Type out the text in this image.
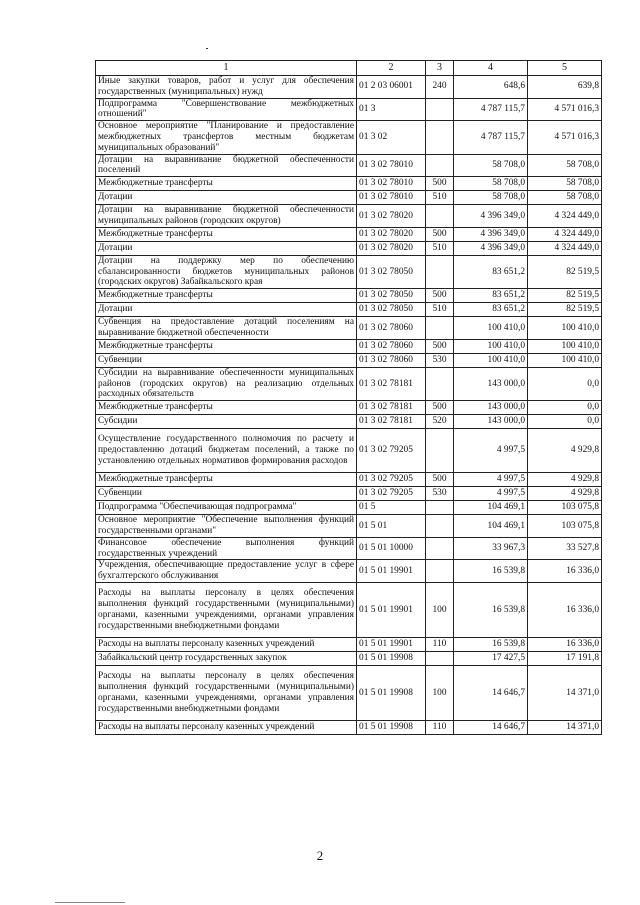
1	2	3	4	5
Иные закупки товаров, работ и услуг для обеспечения государственных (муниципальных) нужд	01 2 03 06001	240	648,6	639,8
Подпрограмма "Совершенствование межбюджетных отношений"	01 3		4 787 115,7	4 571 016,3
Основное мероприятие "Планирование и предоставление межбюджетных трансфертов местным бюджетам муниципальных образований"	01 3 02		4 787 115,7	4 571 016,3
Дотации на выравнивание бюджетной обеспеченности поселений	01 3 02 78010		58 708,0	58 708,0
Межбюджетные трансферты	01 3 02 78010	500	58 708,0	58 708,0
Дотации	01 3 02 78010	510	58 708,0	58 708,0
Дотации на выравнивание бюджетной обеспеченности муниципальных районов (городских округов)	01 3 02 78020		4 396 349,0	4 324 449,0
Межбюджетные трансферты	01 3 02 78020	500	4 396 349,0	4 324 449,0
Дотации	01 3 02 78020	510	4 396 349,0	4 324 449,0
Дотации на поддержку мер по обеспечению сбалансированности бюджетов муниципальных районов (городских округов) Забайкальского края	01 3 02 78050		83 651,2	82 519,5
Межбюджетные трансферты	01 3 02 78050	500	83 651,2	82 519,5
Дотации	01 3 02 78050	510	83 651,2	82 519,5
Субвенция на предоставление дотаций поселениям на выравнивание бюджетной обеспеченности	01 3 02 78060		100 410,0	100 410,0
Межбюджетные трансферты	01 3 02 78060	500	100 410,0	100 410,0
Субвенции	01 3 02 78060	530	100 410,0	100 410,0
Субсидии на выравнивание обеспеченности муниципальных районов (городских округов) на реализацию отдельных расходных обязательств	01 3 02 78181		143 000,0	0,0
Межбюджетные трансферты	01 3 02 78181	500	143 000,0	0,0
Субсидии	01 3 02 78181	520	143 000,0	0,0
Осуществление государственного полномочия по расчету и предоставлению дотаций бюджетам поселений, а также по установлению отдельных нормативов формирования расходов	01 3 02 79205		4 997,5	4 929,8
Межбюджетные трансферты	01 3 02 79205	500	4 997,5	4 929,8
Субвенции	01 3 02 79205	530	4 997,5	4 929,8
Подпрограмма "Обеспечивающая подпрограмма"	01 5		104 469,1	103 075,8
Основное мероприятие "Обеспечение выполнения функций государственными органами"	01 5 01		104 469,1	103 075,8
Финансовое обеспечение выполнения функций государственных учреждений	01 5 01 10000		33 967,3	33 527,8
Учреждения, обеспечивающие предоставление услуг в сфере бухгалтерского обслуживания	01 5 01 19901		16 539,8	16 336,0
Расходы на выплаты персоналу в целях обеспечения выполнения функций государственными (муниципальными) органами, казенными учреждениями, органами управления государственными внебюджетными фондами	01 5 01 19901	100	16 539,8	16 336,0
Расходы на выплаты персоналу казенных учреждений	01 5 01 19901	110	16 539,8	16 336,0
Забайкальский центр государственных закупок	01 5 01 19908		17 427,5	17 191,8
Расходы на выплаты персоналу в целях обеспечения выполнения функций государственными (муниципальными) органами, казенными учреждениями, органами управления государственными внебюджетными фондами	01 5 01 19908	100	14 646,7	14 371,0
Расходы на выплаты персоналу казенных учреждений	01 5 01 19908	110	14 646,7	14 371,0
2
